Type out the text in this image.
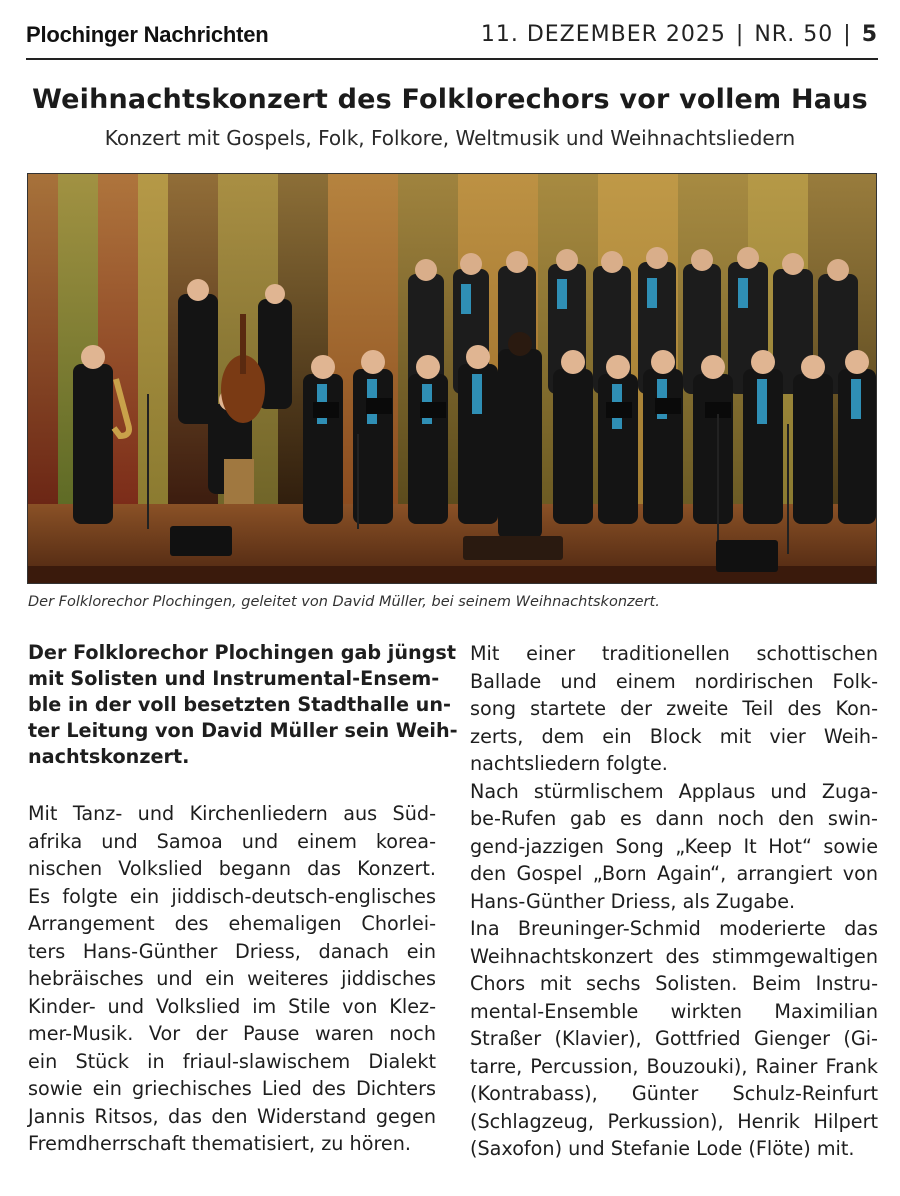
Plochinger Nachrichten	11. DEZEMBER 2025 | NR. 50 | 5
Weihnachtskonzert des Folklorechors vor vollem Haus
Konzert mit Gospels, Folk, Folkore, Weltmusik und Weihnachtsliedern
Der Folklorechor Plochingen, geleitet von David Müller, bei seinem Weihnachtskonzert.

Der Folklorechor Plochingen gab jüngst
mit Solisten und Instrumental-Ensem-
ble in der voll besetzten Stadthalle un-
ter Leitung von David Müller sein Weih-
nachtskonzert.

Mit Tanz- und Kirchenliedern aus Süd-
afrika und Samoa und einem korea-
nischen Volkslied begann das Konzert.
Es folgte ein jiddisch-deutsch-englisches
Arrangement des ehemaligen Chorlei-
ters Hans-Günther Driess, danach ein
hebräisches und ein weiteres jiddisches
Kinder- und Volkslied im Stile von Klez-
mer-Musik. Vor der Pause waren noch
ein Stück in friaul-slawischem Dialekt
sowie ein griechisches Lied des Dichters
Jannis Ritsos, das den Widerstand gegen
Fremdherrschaft thematisiert, zu hören.

Mit einer traditionellen schottischen
Ballade und einem nordirischen Folk-
song startete der zweite Teil des Kon-
zerts, dem ein Block mit vier Weih-
nachtsliedern folgte.

Nach stürmlischem Applaus und Zuga-
be-Rufen gab es dann noch den swin-
gend-jazzigen Song „Keep It Hot“ sowie
den Gospel „Born Again“, arrangiert von
Hans-Günther Driess, als Zugabe.

Ina Breuninger-Schmid moderierte das
Weihnachtskonzert des stimmgewaltigen
Chors mit sechs Solisten. Beim Instru-
mental-Ensemble wirkten Maximilian
Straßer (Klavier), Gottfried Gienger (Gi-
tarre, Percussion, Bouzouki), Rainer Frank
(Kontrabass), Günter Schulz-Reinfurt
(Schlagzeug, Perkussion), Henrik Hilpert
(Saxofon) und Stefanie Lode (Flöte) mit.
